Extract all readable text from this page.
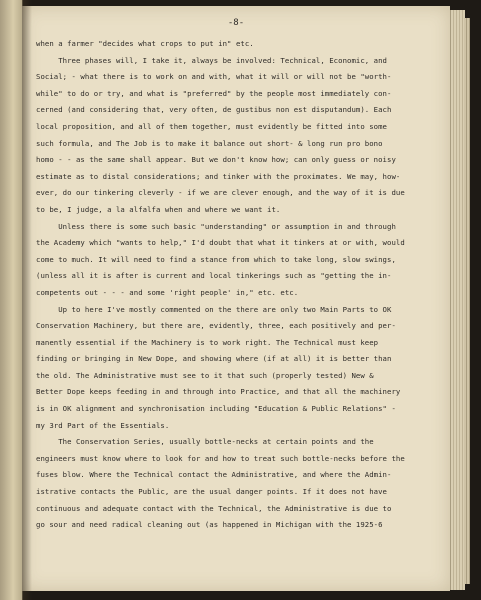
-8-
when a farmer "decides what crops to put in" etc.
Three phases will, I take it, always be involved: Technical, Economic, and
Social; - what there is to work on and with, what it will or will not be "worth-
while" to do or try, and what is "preferred" by the people most immediately con-
cerned (and considering that, very often, de gustibus non est disputandum). Each
local proposition, and all of them together, must evidently be fitted into some
such formula, and The Job is to make it balance out short- & long run pro bono
homo - - as the same shall appear. But we don't know how; can only guess or noisy
estimate as to distal considerations; and tinker with the proximates. We may, how-
ever, do our tinkering cleverly - if we are clever enough, and the way of it is due
to be, I judge, a la alfalfa when and where we want it.
Unless there is some such basic "understanding" or assumption in and through
the Academy which "wants to help," I'd doubt that what it tinkers at or with, would
come to much. It will need to find a stance from which to take long, slow swings,
(unless all it is after is current and local tinkerings such as "getting the in-
competents out - - - and some 'right people' in," etc. etc.
Up to here I've mostly commented on the there are only two Main Parts to OK
Conservation Machinery, but there are, evidently, three, each positively and per-
manently essential if the Machinery is to work right. The Technical must keep
finding or bringing in New Dope, and showing where (if at all) it is better than
the old. The Administrative must see to it that such (properly tested) New &
Better Dope keeps feeding in and through into Practice, and that all the machinery
is in OK alignment and synchronisation including "Education & Public Relations" -
my 3rd Part of the Essentials.
The Conservation Series, usually bottle-necks at certain points and the
engineers must know where to look for and how to treat such bottle-necks before the
fuses blow. Where the Technical contact the Administrative, and where the Admin-
istrative contacts the Public, are the usual danger points. If it does not have
continuous and adequate contact with the Technical, the Administrative is due to
go sour and need radical cleaning out (as happened in Michigan with the 1925-6
